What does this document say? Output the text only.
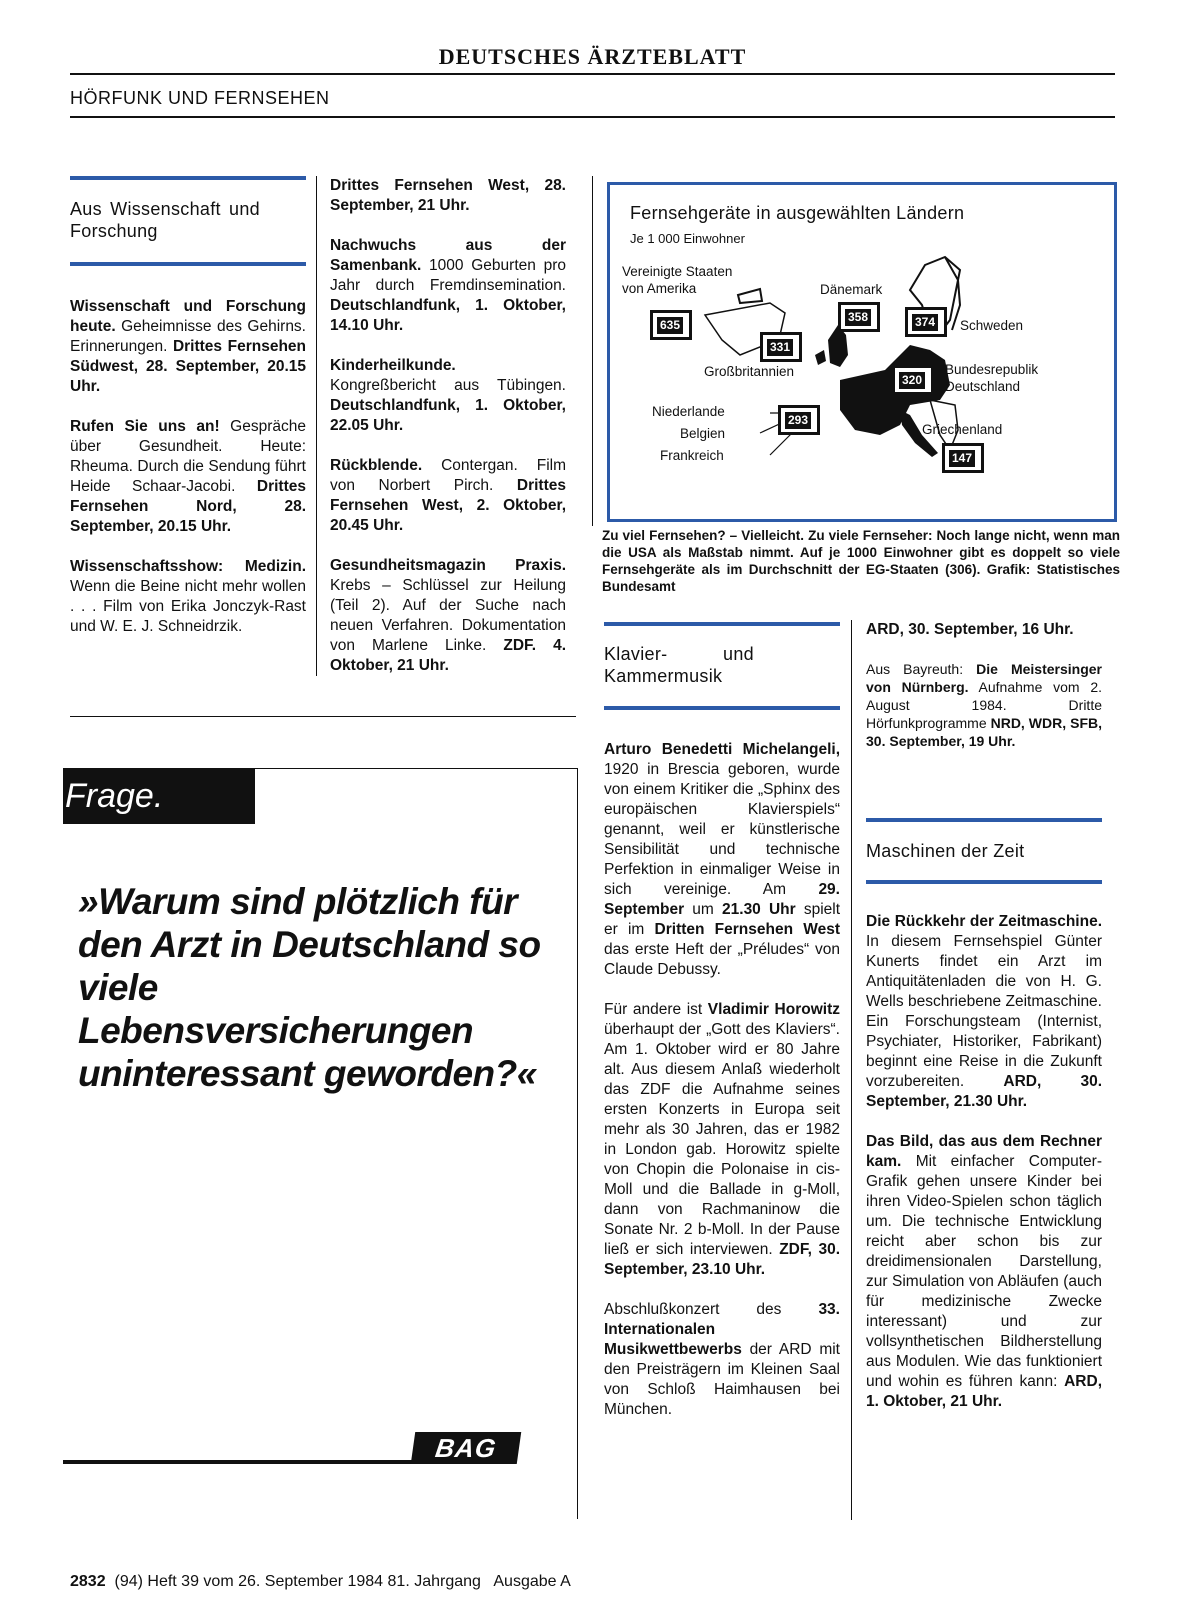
DEUTSCHES ÄRZTEBLATT
HÖRFUNK UND FERNSEHEN
Aus Wissenschaft und Forschung

Wissenschaft und Forschung heute. Geheimnisse des Gehirns. Erinnerungen. Drittes Fernsehen Südwest, 28. September, 20.15 Uhr.

Rufen Sie uns an! Gespräche über Gesundheit. Heute: Rheuma. Durch die Sendung führt Heide Schaar-Jacobi. Drittes Fernsehen Nord, 28. September, 20.15 Uhr.

Wissenschaftsshow: Medizin. Wenn die Beine nicht mehr wollen . . . Film von Erika Jonczyk-Rast und W. E. J. Schneidrzik.

Drittes Fernsehen West, 28. September, 21 Uhr.

Nachwuchs aus der Samenbank. 1000 Geburten pro Jahr durch Fremdinsemination. Deutschlandfunk, 1. Oktober, 14.10 Uhr.

Kinderheilkunde. Kongreßbericht aus Tübingen. Deutschlandfunk, 1. Oktober, 22.05 Uhr.

Rückblende. Contergan. Film von Norbert Pirch. Drittes Fernsehen West, 2. Oktober, 20.45 Uhr.

Gesundheitsmagazin Praxis. Krebs – Schlüssel zur Heilung (Teil 2). Auf der Suche nach neuen Verfahren. Dokumentation von Marlene Linke. ZDF. 4. Oktober, 21 Uhr.

Fernsehgeräte in ausgewählten Ländern
Je 1 000 Einwohner
635
331
358	374
320
293
147
Vereinigte Staaten von Amerika
Großbritannien
Dänemark
Schweden
Bundesrepublik Deutschland
Niederlande
Belgien
Frankreich
Griechenland
Zu viel Fernsehen? – Vielleicht. Zu viele Fernseher: Noch lange nicht, wenn man die USA als Maßstab nimmt. Auf je 1000 Einwohner gibt es doppelt so viele Fernsehgeräte als im Durchschnitt der EG-Staaten (306). Grafik: Statistisches Bundesamt
Klavier- und Kammermusik

Arturo Benedetti Michelangeli, 1920 in Brescia geboren, wurde von einem Kritiker die „Sphinx des europäischen Klavierspiels“ genannt, weil er künstlerische Sensibilität und technische Perfektion in einmaliger Weise in sich vereinige. Am 29. September um 21.30 Uhr spielt er im Dritten Fernsehen West das erste Heft der „Préludes“ von Claude Debussy.

Für andere ist Vladimir Horowitz überhaupt der „Gott des Klaviers“. Am 1. Oktober wird er 80 Jahre alt. Aus diesem Anlaß wiederholt das ZDF die Aufnahme seines ersten Konzerts in Europa seit mehr als 30 Jahren, das er 1982 in London gab. Horowitz spielte von Chopin die Polonaise in cis-Moll und die Ballade in g-Moll, dann von Rachmaninow die Sonate Nr. 2 b-Moll. In der Pause ließ er sich interviewen. ZDF, 30. September, 23.10 Uhr.

Abschlußkonzert des 33. Internationalen Musikwettbewerbs der ARD mit den Preisträgern im Kleinen Saal von Schloß Haimhausen bei München.

ARD, 30. September, 16 Uhr.

Aus Bayreuth: Die Meistersinger von Nürnberg. Aufnahme vom 2. August 1984. Dritte Hörfunkprogramme NRD, WDR, SFB, 30. September, 19 Uhr.

Maschinen der Zeit

Die Rückkehr der Zeitmaschine. In diesem Fernsehspiel Günter Kunerts findet ein Arzt im Antiquitätenladen die von H. G. Wells beschriebene Zeitmaschine. Ein Forschungsteam (Internist, Psychiater, Historiker, Fabrikant) beginnt eine Reise in die Zukunft vorzubereiten.	ARD, 30. September, 21.30 Uhr.

Das Bild, das aus dem Rechner kam. Mit einfacher Computer-Grafik gehen unsere Kinder bei ihren Video-Spielen schon täglich um. Die technische Entwicklung reicht aber schon bis zur dreidimensionalen Darstellung, zur Simulation von Abläufen (auch für medizinische Zwecke interessant) und zur vollsynthetischen Bildherstellung aus Modulen. Wie das funktioniert und wohin es führen kann: ARD, 1. Oktober, 21 Uhr.

Frage.
»Warum sind plötzlich für den Arzt in Deutschland so viele Lebensversicherungen uninteressant geworden?«
BAG
2832 (94) Heft 39 vom 26. September 1984 81. Jahrgang   Ausgabe A
